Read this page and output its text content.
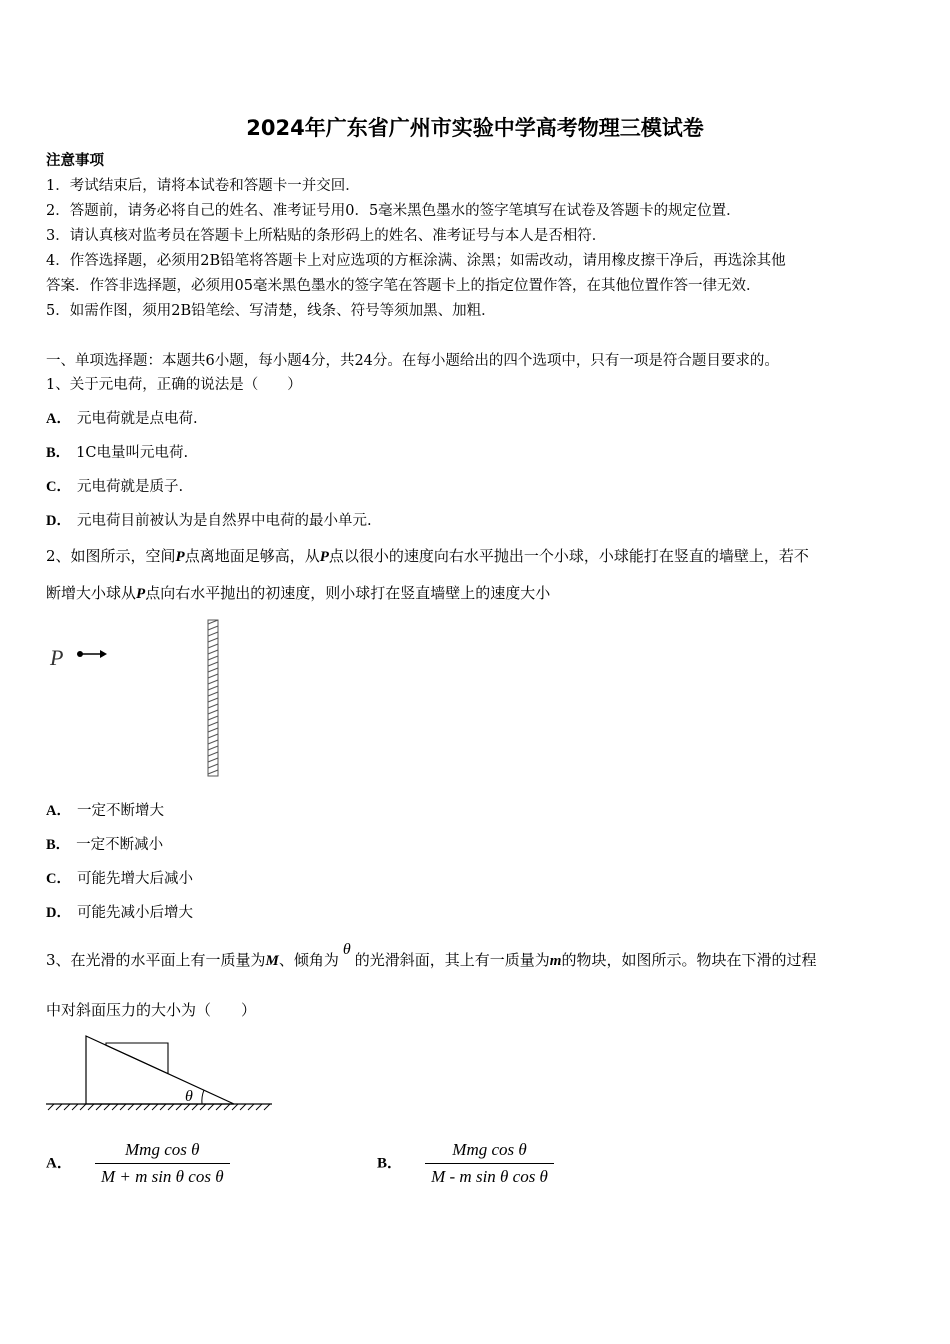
2024年广东省广州市实验中学高考物理三模试卷
注意事项
1．考试结束后，请将本试卷和答题卡一并交回．
2．答题前，请务必将自己的姓名、准考证号用0．5毫米黑色墨水的签字笔填写在试卷及答题卡的规定位置．
3．请认真核对监考员在答题卡上所粘贴的条形码上的姓名、准考证号与本人是否相符．
4．作答选择题，必须用2B铅笔将答题卡上对应选项的方框涂满、涂黑；如需改动，请用橡皮擦干净后，再选涂其他
答案．作答非选择题，必须用05毫米黑色墨水的签字笔在答题卡上的指定位置作答，在其他位置作答一律无效．
5．如需作图，须用2B铅笔绘、写清楚，线条、符号等须加黑、加粗．
一、单项选择题：本题共6小题，每小题4分，共24分。在每小题给出的四个选项中，只有一项是符合题目要求的。
1、关于元电荷，正确的说法是（　　）
A． 元电荷就是点电荷.
B． 1C电量叫元电荷.
C． 元电荷就是质子.
D． 元电荷目前被认为是自然界中电荷的最小单元.
2、如图所示，空间P点离地面足够高，从P点以很小的速度向右水平抛出一个小球，小球能打在竖直的墙壁上，若不
断增大小球从P点向右水平抛出的初速度，则小球打在竖直墙壁上的速度大小
P
A． 一定不断增大
B． 一定不断减小
C． 可能先增大后减小
D． 可能先减小后增大
3、在光滑的水平面上有一质量为M、倾角为θ的光滑斜面，其上有一质量为m的物块，如图所示。物块在下滑的过程
中对斜面压力的大小为（　　）
θ
A． $\frac{\text{Mmg cos θ}}{\text{M + m sin θ cos θ}}$	B． $\frac{\text{Mmg cos θ}}{\text{M - m sin θ cos θ}}$
